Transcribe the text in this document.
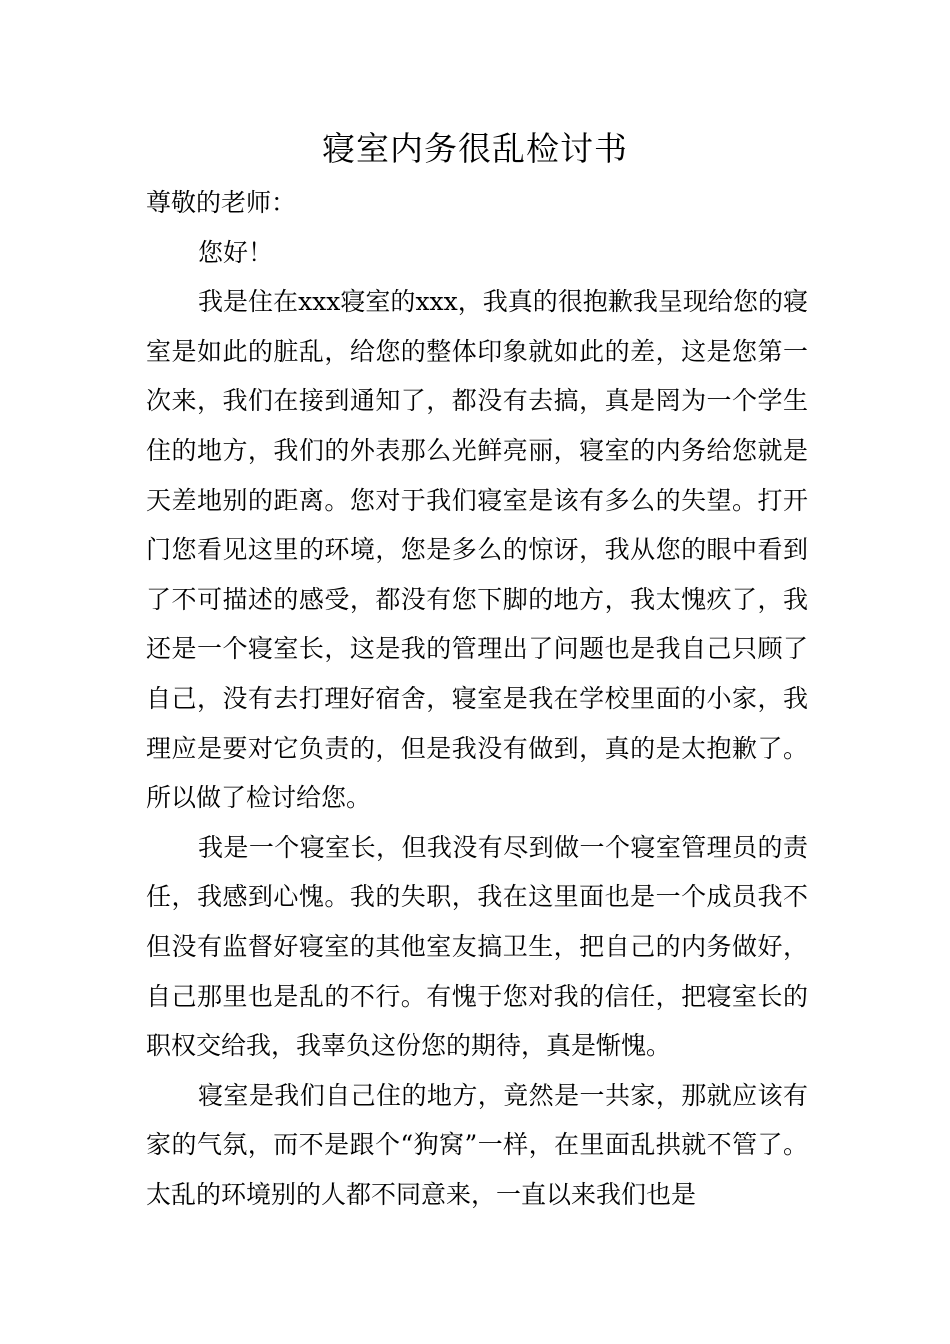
寝室内务很乱检讨书

尊敬的老师：

您好！

我是住在xxx寝室的xxx，我真的很抱歉我呈现给您的寝室是如此的脏乱，给您的整体印象就如此的差，这是您第一次来，我们在接到通知了，都没有去搞，真是罔为一个学生住的地方，我们的外表那么光鲜亮丽，寝室的内务给您就是天差地别的距离。您对于我们寝室是该有多么的失望。打开门您看见这里的环境，您是多么的惊讶，我从您的眼中看到了不可描述的感受，都没有您下脚的地方，我太愧疚了，我还是一个寝室长，这是我的管理出了问题也是我自己只顾了自己，没有去打理好宿舍，寝室是我在学校里面的小家，我理应是要对它负责的，但是我没有做到，真的是太抱歉了。所以做了检讨给您。

我是一个寝室长，但我没有尽到做一个寝室管理员的责任，我感到心愧。我的失职，我在这里面也是一个成员我不但没有监督好寝室的其他室友搞卫生，把自己的内务做好，自己那里也是乱的不行。有愧于您对我的信任，把寝室长的职权交给我，我辜负这份您的期待，真是惭愧。

寝室是我们自己住的地方，竟然是一共家，那就应该有家的气氛，而不是跟个“狗窝”一样，在里面乱拱就不管了。太乱的环境别的人都不同意来，一直以来我们也是
